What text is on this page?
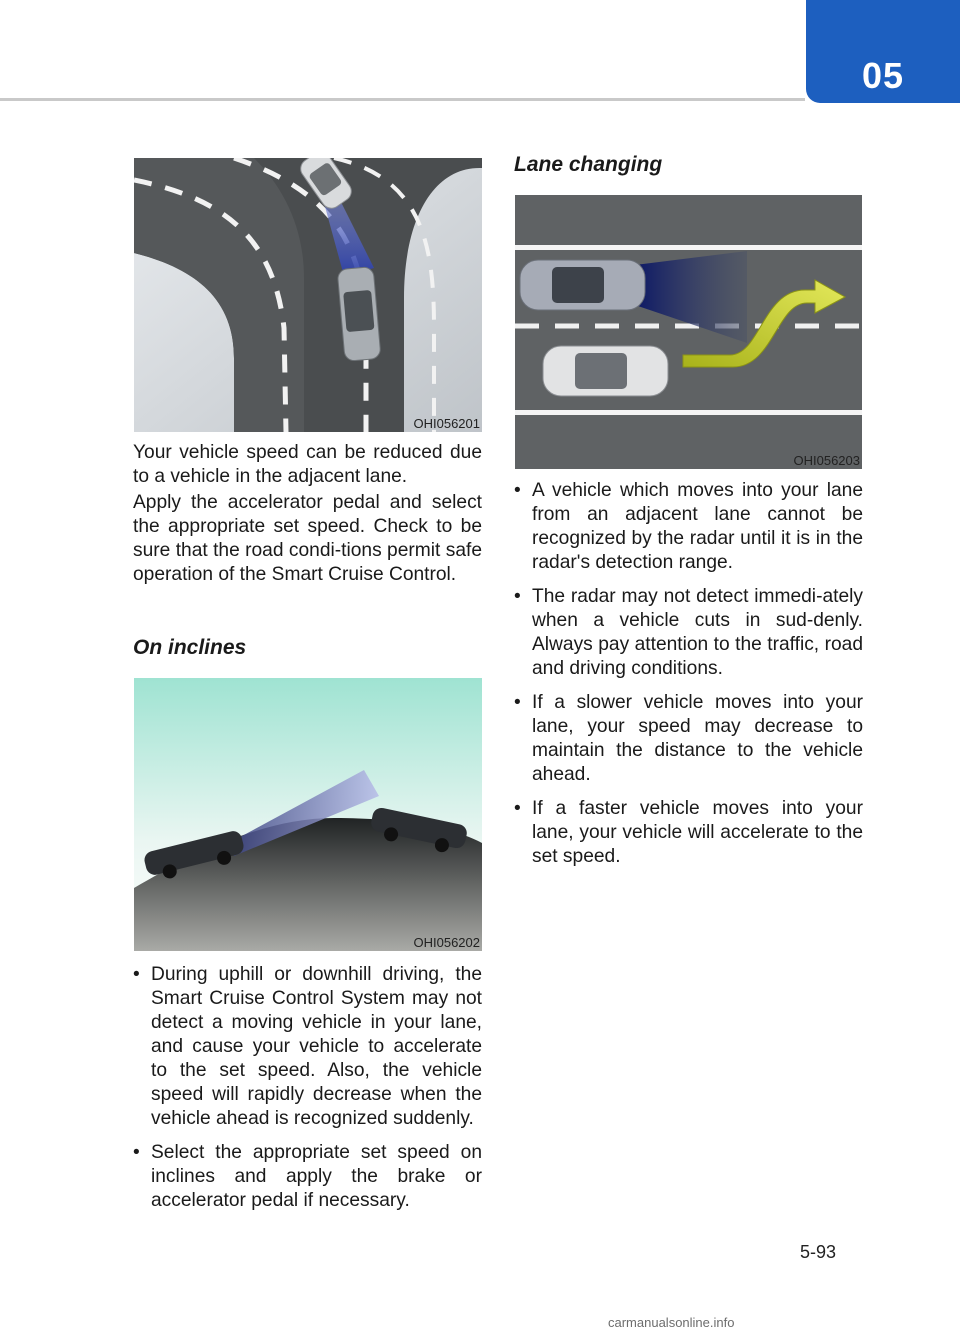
05
OHI056201
Your vehicle speed can be reduced due to a vehicle in the adjacent lane.
Apply the accelerator pedal and select the appropriate set speed. Check to be sure that the road condi-tions permit safe operation of the Smart Cruise Control.
On inclines
OHI056202
• During uphill or downhill driving, the Smart Cruise Control System may not detect a moving vehicle in your lane, and cause your vehicle to accelerate to the set speed. Also, the vehicle speed will rapidly decrease when the vehicle ahead is recognized suddenly.
• Select the appropriate set speed on inclines and apply the brake or accelerator pedal if necessary.
Lane changing
OHI056203
• A vehicle which moves into your lane from an adjacent lane cannot be recognized by the radar until it is in the radar's detection range.
• The radar may not detect immedi-ately when a vehicle cuts in sud-denly. Always pay attention to the traffic, road and driving conditions.
• If a slower vehicle moves into your lane, your speed may decrease to maintain the distance to the vehicle ahead.
• If a faster vehicle moves into your lane, your vehicle will accelerate to the set speed.
5-93
carmanualsonline.info
